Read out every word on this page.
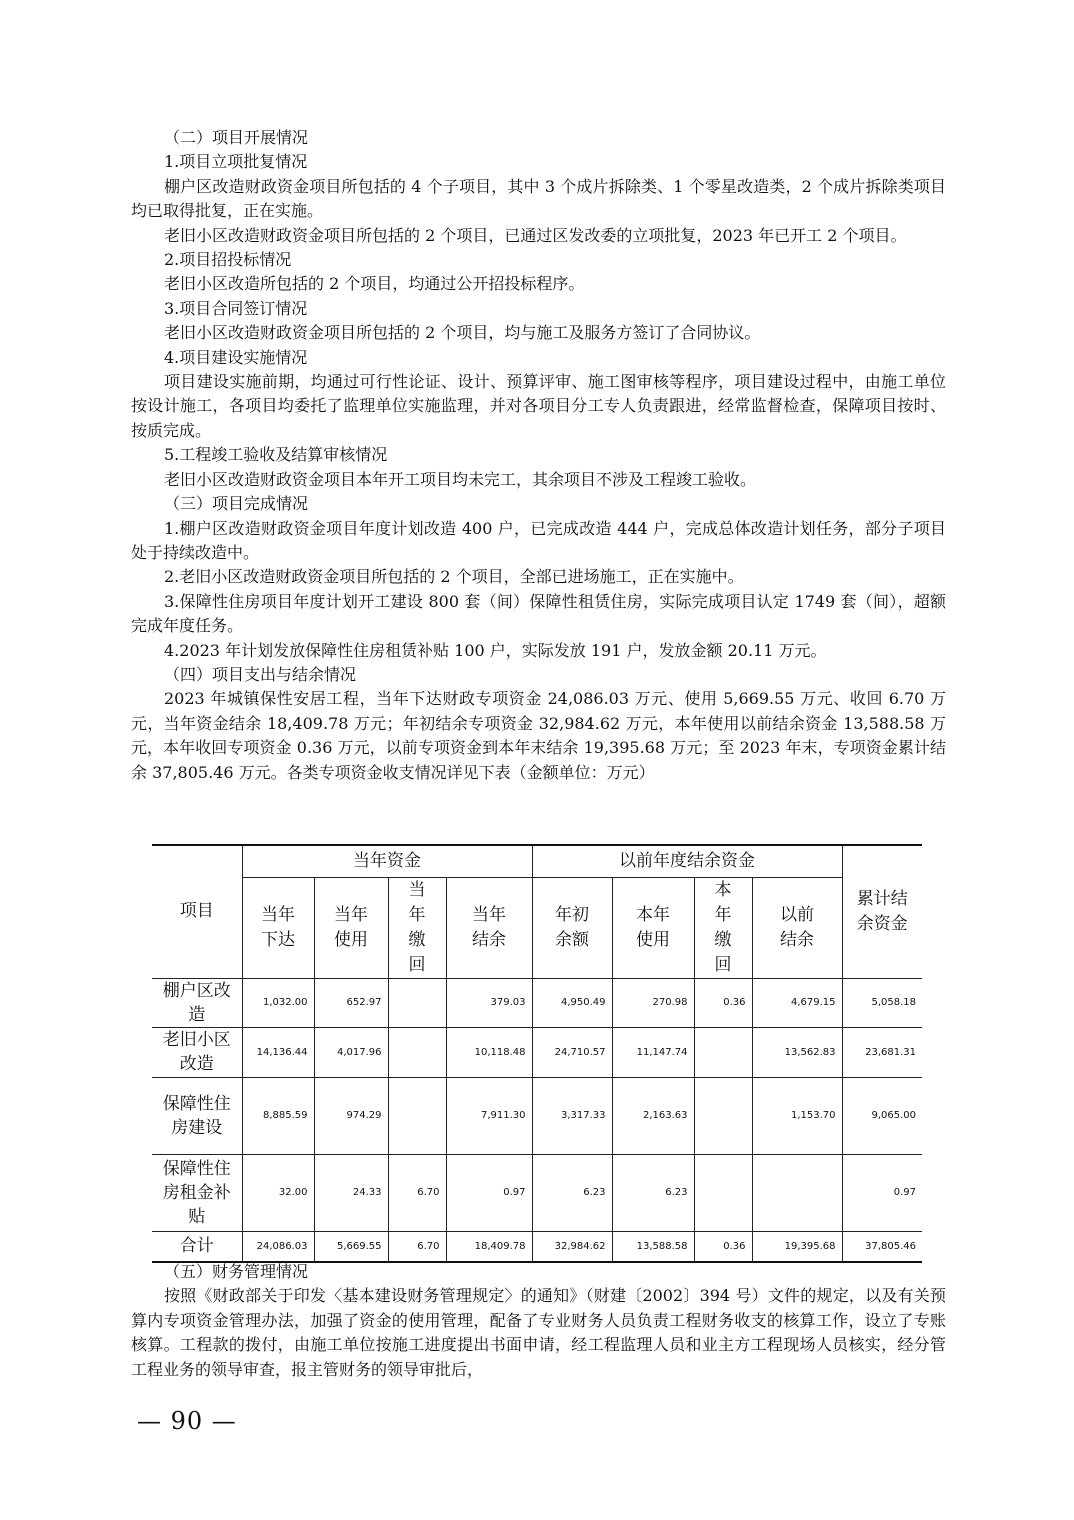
（二）项目开展情况

1.项目立项批复情况

棚户区改造财政资金项目所包括的 4 个子项目，其中 3 个成片拆除类、1 个零星改造类，2 个成片拆除类项目均已取得批复，正在实施。

老旧小区改造财政资金项目所包括的 2 个项目，已通过区发改委的立项批复，2023 年已开工 2 个项目。

2.项目招投标情况

老旧小区改造所包括的 2 个项目，均通过公开招投标程序。

3.项目合同签订情况

老旧小区改造财政资金项目所包括的 2 个项目，均与施工及服务方签订了合同协议。

4.项目建设实施情况

项目建设实施前期，均通过可行性论证、设计、预算评审、施工图审核等程序，项目建设过程中，由施工单位按设计施工，各项目均委托了监理单位实施监理，并对各项目分工专人负责跟进，经常监督检查，保障项目按时、按质完成。

5.工程竣工验收及结算审核情况

老旧小区改造财政资金项目本年开工项目均未完工，其余项目不涉及工程竣工验收。

（三）项目完成情况

1.棚户区改造财政资金项目年度计划改造 400 户，已完成改造 444 户，完成总体改造计划任务，部分子项目处于持续改造中。

2.老旧小区改造财政资金项目所包括的 2 个项目，全部已进场施工，正在实施中。

3.保障性住房项目年度计划开工建设 800 套（间）保障性租赁住房，实际完成项目认定 1749 套（间），超额完成年度任务。

4.2023 年计划发放保障性住房租赁补贴 100 户，实际发放 191 户，发放金额 20.11 万元。

（四）项目支出与结余情况

2023 年城镇保性安居工程，当年下达财政专项资金 24,086.03 万元、使用 5,669.55 万元、收回 6.70 万元，当年资金结余 18,409.78 万元；年初结余专项资金 32,984.62 万元，本年使用以前结余资金 13,588.58 万元，本年收回专项资金 0.36 万元，以前专项资金到本年末结余 19,395.68 万元；至 2023 年末，专项资金累计结余 37,805.46 万元。各类专项资金收支情况详见下表（金额单位：万元）

项目	当年资金				以前年度结余资金				累计结余资金
	当年下达	当年使用	当年缴回	当年结余	年初余额	本年使用	本年缴回	以前结余	
棚户区改造	1,032.00	652.97		379.03	4,950.49	270.98	0.36	4,679.15	5,058.18
老旧小区改造	14,136.44	4,017.96		10,118.48	24,710.57	11,147.74		13,562.83	23,681.31
保障性住房建设	8,885.59	974.29		7,911.30	3,317.33	2,163.63		1,153.70	9,065.00
保障性住房租金补贴	32.00	24.33	6.70	0.97	6.23	6.23			0.97
合计	24,086.03	5,669.55	6.70	18,409.78	32,984.62	13,588.58	0.36	19,395.68	37,805.46

（五）财务管理情况

按照《财政部关于印发〈基本建设财务管理规定〉的通知》（财建〔2002〕394 号）文件的规定，以及有关预算内专项资金管理办法，加强了资金的使用管理，配备了专业财务人员负责工程财务收支的核算工作，设立了专账核算。工程款的拨付，由施工单位按施工进度提出书面申请，经工程监理人员和业主方工程现场人员核实，经分管工程业务的领导审查，报主管财务的领导审批后，

— 90 —
